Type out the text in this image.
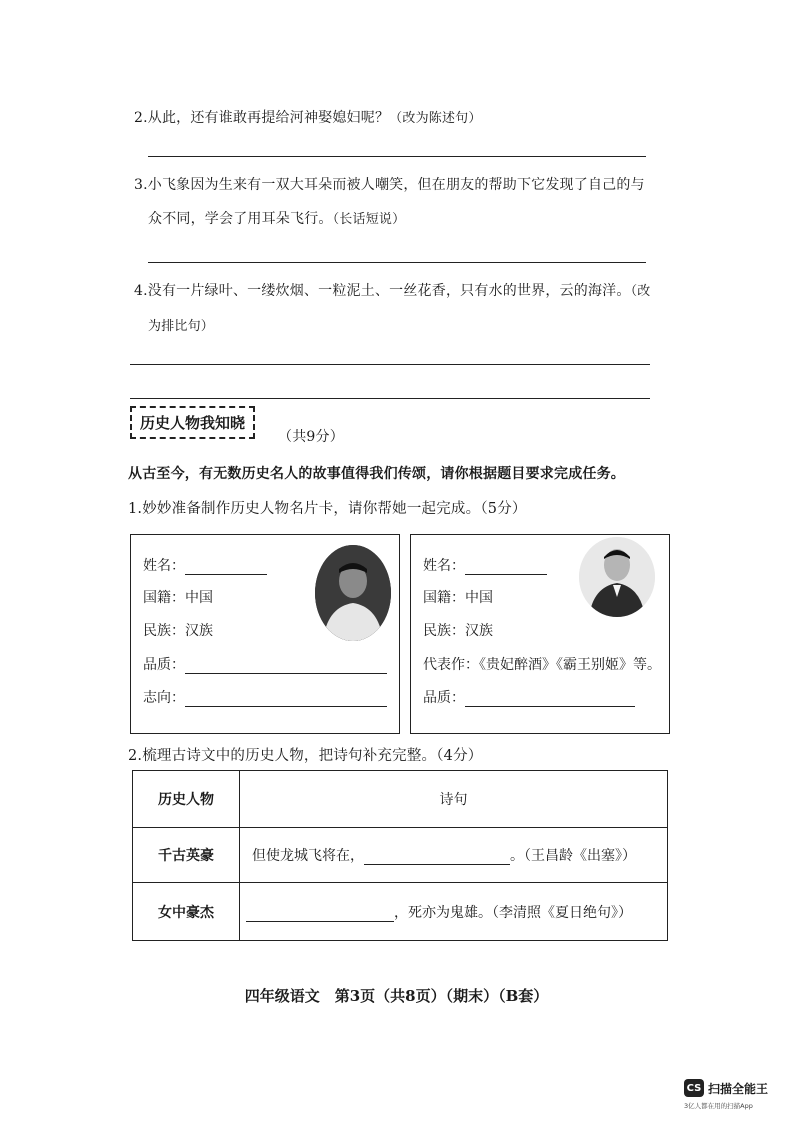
2.从此，还有谁敢再提给河神娶媳妇呢？（改为陈述句）
3.小飞象因为生来有一双大耳朵而被人嘲笑，但在朋友的帮助下它发现了自己的与
众不同，学会了用耳朵飞行。（长话短说）
4.没有一片绿叶、一缕炊烟、一粒泥土、一丝花香，只有水的世界，云的海洋。（改
为排比句）
历史人物我知晓
（共9分）
从古至今，有无数历史名人的故事值得我们传颂，请你根据题目要求完成任务。
1.妙妙准备制作历史人物名片卡，请你帮她一起完成。（5分）
姓名：
国籍：中国
民族：汉族
品质：
志向：
姓名：
国籍：中国
民族：汉族
代表作：《贵妃醉酒》《霸王别姬》等。
品质：
2.梳理古诗文中的历史人物，把诗句补充完整。（4分）
历史人物	诗句
千古英豪	但使龙城飞将在， 。（王昌龄《出塞》）
女中豪杰	，死亦为鬼雄。（李清照《夏日绝句》）
四年级语文　第3页（共8页）（期末）（B套）
CS 扫描全能王
3亿人都在用的扫描App
